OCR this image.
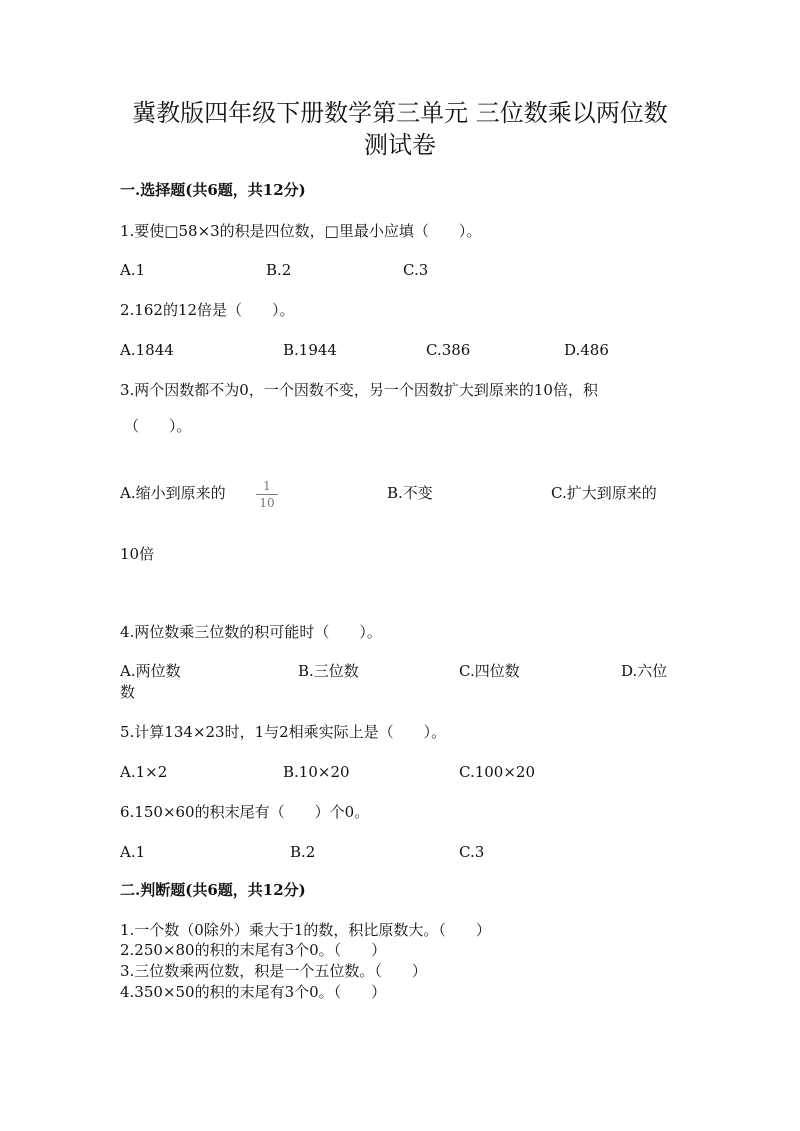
冀教版四年级下册数学第三单元 三位数乘以两位数
测试卷
一.选择题(共6题，共12分)
1.要使□58×3的积是四位数，□里最小应填（　　）。
A.1	B.2	C.3
2.162的12倍是（　　）。
A.1844	B.1944	C.386	D.486
3.两个因数都不为0，一个因数不变，另一个因数扩大到原来的10倍，积
（　　）。
A.缩小到原来的	1
10
B.不变	C.扩大到原来的
10倍
4.两位数乘三位数的积可能时（　　）。
A.两位数	B.三位数	C.四位数	D.六位
数
5.计算134×23时，1与2相乘实际上是（　　）。
A.1×2	B.10×20	C.100×20
6.150×60的积末尾有（　　）个0。
A.1	B.2	C.3
二.判断题(共6题，共12分)
1.一个数（0除外）乘大于1的数，积比原数大。（　　）
2.250×80的积的末尾有3个0。（　　）
3.三位数乘两位数，积是一个五位数。（　　）
4.350×50的积的末尾有3个0。（　　）
